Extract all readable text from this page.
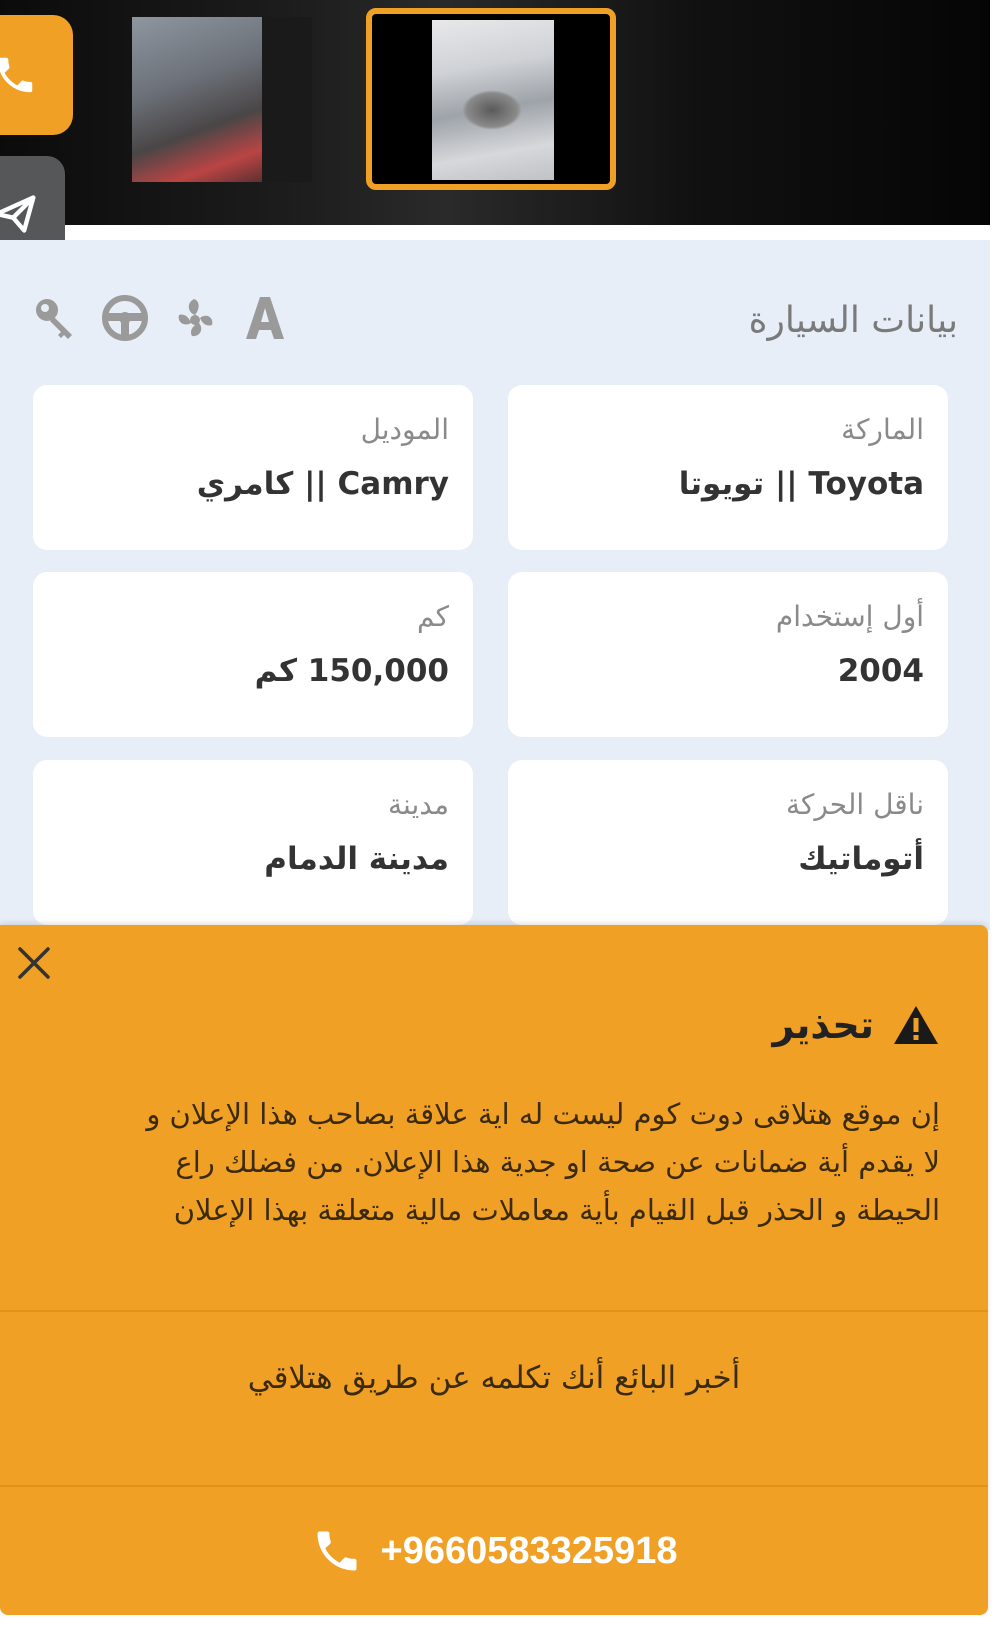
بيانات السيارة
الماركة
Toyota || تويوتا
الموديل
Camry || كامري
أول إستخدام
2004
كم
150,000 كم
ناقل الحركة
أتوماتيك
مدينة
مدينة الدمام
تحذير
إن موقع هتلاقى دوت كوم ليست له اية علاقة بصاحب هذا الإعلان و
لا يقدم أية ضمانات عن صحة او جدية هذا الإعلان. من فضلك راع
الحيطة و الحذر قبل القيام بأية معاملات مالية متعلقة بهذا الإعلان
أخبر البائع أنك تكلمه عن طريق هتلاقي
+9660583325918
